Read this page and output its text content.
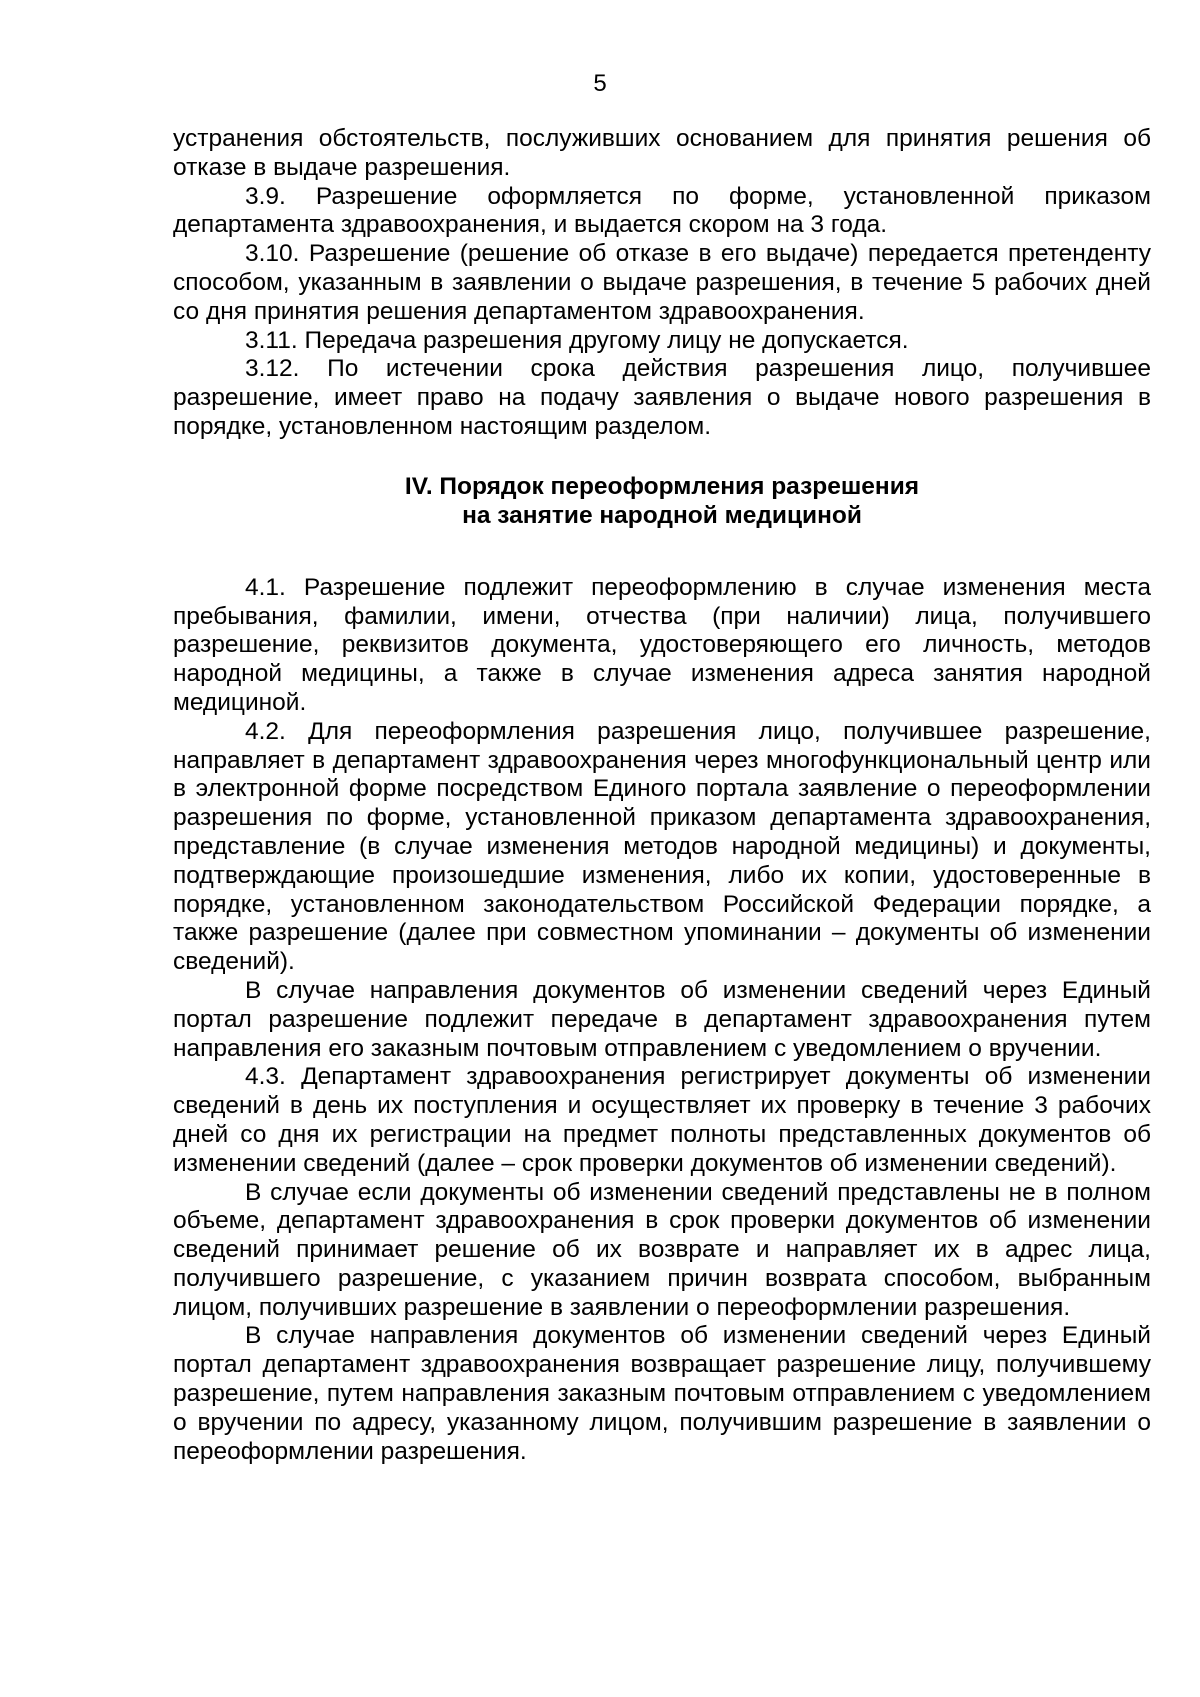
5

устранения обстоятельств, послуживших основанием для принятия решения об отказе в выдаче разрешения.

3.9. Разрешение оформляется по форме, установленной приказом департамента здравоохранения, и выдается скором на 3 года.

3.10. Разрешение (решение об отказе в его выдаче) передается претенденту способом, указанным в заявлении о выдаче разрешения, в течение 5 рабочих дней со дня принятия решения департаментом здравоохранения.

3.11. Передача разрешения другому лицу не допускается.

3.12. По истечении срока действия разрешения лицо, получившее разрешение, имеет право на подачу заявления о выдаче нового разрешения в порядке, установленном настоящим разделом.

IV. Порядок переоформления разрешения
на занятие народной медициной

4.1. Разрешение подлежит переоформлению в случае изменения места пребывания, фамилии, имени, отчества (при наличии) лица, получившего разрешение, реквизитов документа, удостоверяющего его личность, методов народной медицины, а также в случае изменения адреса занятия народной медициной.

4.2. Для переоформления разрешения лицо, получившее разрешение, направляет в департамент здравоохранения через многофункциональный центр или в электронной форме посредством Единого портала заявление о переоформлении разрешения по форме, установленной приказом департамента здравоохранения, представление (в случае изменения методов народной медицины) и документы, подтверждающие произошедшие изменения, либо их копии, удостоверенные в порядке, установленном законодательством Российской Федерации порядке, а также разрешение (далее при совместном упоминании – документы об изменении сведений).

В случае направления документов об изменении сведений через Единый портал разрешение подлежит передаче в департамент здравоохранения путем направления его заказным почтовым отправлением с уведомлением о вручении.

4.3. Департамент здравоохранения регистрирует документы об изменении сведений в день их поступления и осуществляет их проверку в течение 3 рабочих дней со дня их регистрации на предмет полноты представленных документов об изменении сведений (далее – срок проверки документов об изменении сведений).

В случае если документы об изменении сведений представлены не в полном объеме, департамент здравоохранения в срок проверки документов об изменении сведений принимает решение об их возврате и направляет их в адрес лица, получившего разрешение, с указанием причин возврата способом, выбранным лицом, получивших разрешение в заявлении о переоформлении разрешения.

В случае направления документов об изменении сведений через Единый портал департамент здравоохранения возвращает разрешение лицу, получившему разрешение, путем направления заказным почтовым отправлением с уведомлением о вручении по адресу, указанному лицом, получившим разрешение в заявлении о переоформлении разрешения.
